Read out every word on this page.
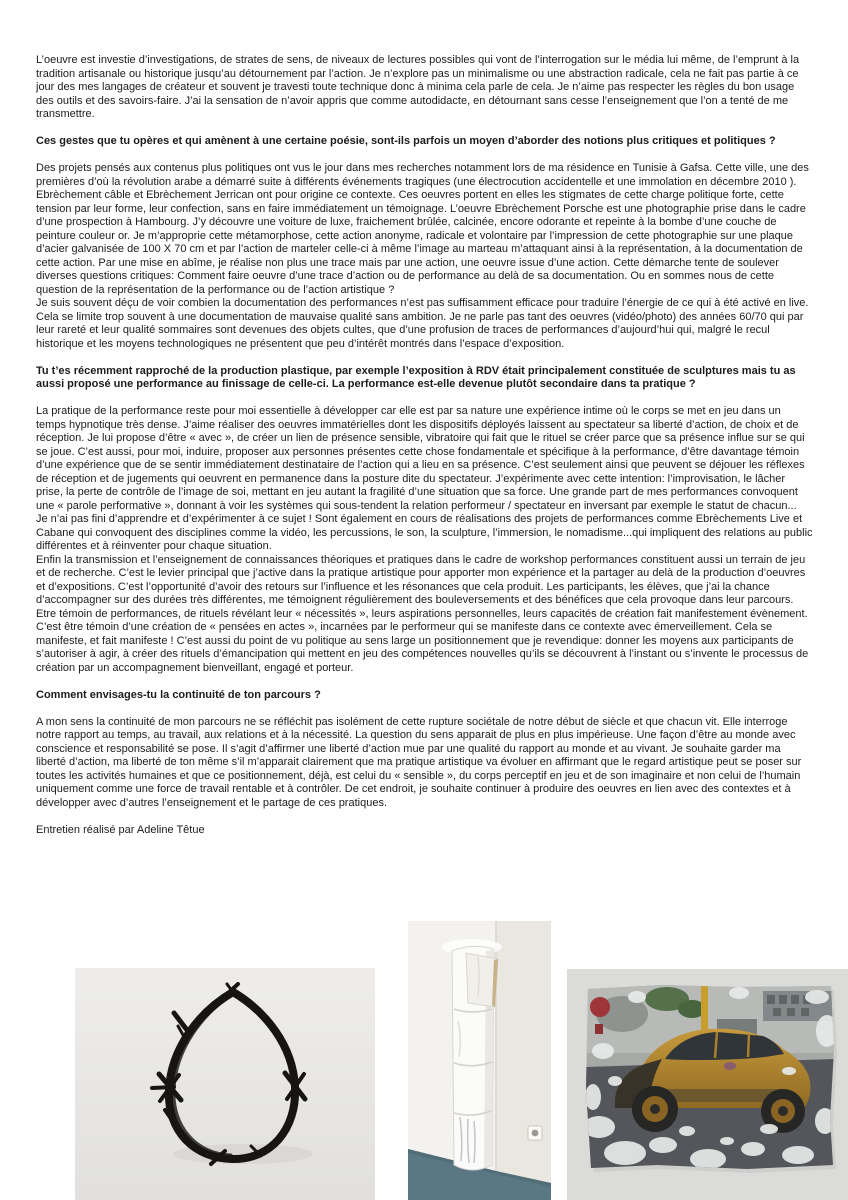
L’oeuvre est investie d’investigations, de strates de sens, de niveaux de lectures possibles qui vont de l’interrogation sur le média lui même, de l’emprunt à la tradition artisanale ou historique jusqu’au détournement par l’action. Je n’explore pas un minimalisme ou une abstraction radicale, cela ne fait pas partie à ce jour des mes langages de créateur et souvent je travesti toute technique donc à minima cela parle de cela. Je n’aime pas respecter les règles du bon usage des outils et des savoirs-faire. J’ai la sensation de n’avoir appris que comme autodidacte, en détournant sans cesse l’enseignement que l’on a tenté de me transmettre.

Ces gestes que tu opères et qui amènent à une certaine poésie, sont-ils parfois un moyen d’aborder des notions plus critiques et politiques ?

Des projets pensés aux contenus plus politiques ont vus le jour dans mes recherches notamment lors de ma résidence en Tunisie à Gafsa. Cette ville, une des premières d’où la révolution arabe a démarré suite à différents événements tragiques (une électrocution accidentelle et une immolation en décembre 2010 ). Ebrèchement câble et Ebrèchement Jerrican ont pour origine ce contexte. Ces oeuvres portent en elles les stigmates de cette charge politique forte, cette tension par leur forme, leur confection, sans en faire immédiatement un témoignage. L’oeuvre Ebrèchement Porsche est une photographie prise dans le cadre d’une prospection à Hambourg. J’y découvre une voiture de luxe, fraichement brûlée, calcinée, encore odorante et repeinte à la bombe d’une couche de peinture couleur or. Je m’approprie cette métamorphose, cette action anonyme, radicale et volontaire par l’impression de cette photographie sur une plaque d’acier galvanisée de 100 X 70 cm et par l’action de marteler celle-ci à même l’image au marteau m’attaquant ainsi à la représentation, à la documentation de cette action. Par une mise en abîme, je réalise non plus une trace mais par une action, une oeuvre issue d’une action. Cette démarche tente de soulever diverses questions critiques: Comment faire oeuvre d’une trace d’action ou de performance au delà de sa documentation. Ou en sommes nous de cette question de la représentation de la performance ou de l’action artistique ?

Je suis souvent déçu de voir combien la documentation des performances n’est pas suffisamment efficace pour traduire l’énergie de ce qui à été activé en live. Cela se limite trop souvent à une documentation de mauvaise qualité sans ambition. Je ne parle pas tant des oeuvres (vidéo/photo) des années 60/70 qui par leur rareté et leur qualité sommaires sont devenues des objets cultes, que d’une profusion de traces de performances d’aujourd’hui qui, malgré le recul historique et les moyens technologiques ne présentent que peu d’intérêt montrés dans l’espace d’exposition.

Tu t’es récemment rapproché de la production plastique, par exemple l’exposition à RDV était principalement constituée de sculptures mais tu as aussi proposé une performance au finissage de celle-ci. La performance est-elle devenue plutôt secondaire dans ta pratique ?

La pratique de la performance reste pour moi essentielle à développer car elle est par sa nature une expérience intime où le corps se met en jeu dans un temps hypnotique très dense. J’aime réaliser des oeuvres immatérielles dont les dispositifs déployés laissent au spectateur sa liberté d’action, de choix et de réception. Je lui propose d’être « avec », de créer un lien de présence sensible, vibratoire qui fait que le rituel se créer parce que sa présence influe sur se qui se joue. C’est aussi, pour moi, induire, proposer aux personnes présentes cette chose fondamentale et spécifique à la performance, d’être davantage témoin d’une expérience que de se sentir immédiatement destinataire de l’action qui a lieu en sa présence. C’est seulement ainsi que peuvent se déjouer les réflexes de réception et de jugements qui oeuvrent en permanence dans la posture dite du spectateur. J’expérimente avec cette intention: l’improvisation, le lâcher prise, la perte de contrôle de l’image de soi, mettant en jeu autant la fragilité d’une situation que sa force. Une grande part de mes performances convoquent une « parole performative », donnant à voir les systèmes qui sous-tendent la relation performeur / spectateur en inversant par exemple le statut de chacun...

Je n’ai pas fini d’apprendre et d’expérimenter à ce sujet ! Sont également en cours de réalisations des projets de performances comme Ebrèchements Live et Cabane qui convoquent des disciplines comme la vidéo, les percussions, le son, la sculpture, l’immersion, le nomadisme...qui impliquent des relations au public différentes et à réinventer pour chaque situation.

Enfin la transmission et l’enseignement de connaissances théoriques et pratiques dans le cadre de workshop performances constituent aussi un terrain de jeu et de recherche. C’est le levier principal que j’active dans la pratique artistique pour apporter mon expérience et la partager au delà de la production d’oeuvres et d’expositions. C’est l’opportunité d’avoir des retours sur l’influence et les résonances que cela produit. Les participants, les élèves, que j’ai la chance d’accompagner sur des durées très différentes, me témoignent régulièrement des bouleversements et des bénéfices que cela provoque dans leur parcours. Etre témoin de performances, de rituels révélant leur « nécessités », leurs aspirations personnelles, leurs capacités de création fait manifestement évènement. C’est être témoin d’une création de « pensées en actes », incarnées par le performeur qui se manifeste dans ce contexte avec émerveillement. Cela se manifeste, et fait manifeste ! C’est aussi du point de vu politique au sens large un positionnement que je revendique: donner les moyens aux participants de s’autoriser à agir, à créer des rituels d’émancipation qui mettent en jeu des compétences nouvelles qu’ils se découvrent à l’instant ou s’invente le processus de création par un accompagnement bienveillant, engagé et porteur.

Comment envisages-tu la continuité de ton parcours ?

A mon sens la continuité de mon parcours ne se réfléchit pas isolément de cette rupture sociétale de notre début de siècle et que chacun vit. Elle interroge notre rapport au temps, au travail, aux relations et à la nécessité. La question du sens apparait de plus en plus impérieuse. Une façon d’être au monde avec conscience et responsabilité se pose. Il s’agit d’affirmer une liberté d’action mue par une qualité du rapport au monde et au vivant. Je souhaite garder ma liberté d’action, ma liberté de ton même s’il m’apparait clairement que ma pratique artistique va évoluer en affirmant que le regard artistique peut se poser sur toutes les activités humaines et que ce positionnement, déjà, est celui du « sensible », du corps perceptif en jeu et de son imaginaire et non celui de l’humain uniquement comme une force de travail rentable et à contrôler. De cet endroit, je souhaite continuer à produire des oeuvres en lien avec des contextes et à développer avec d’autres l’enseignement et le partage de ces pratiques.

Entretien réalisé par Adeline Têtue
